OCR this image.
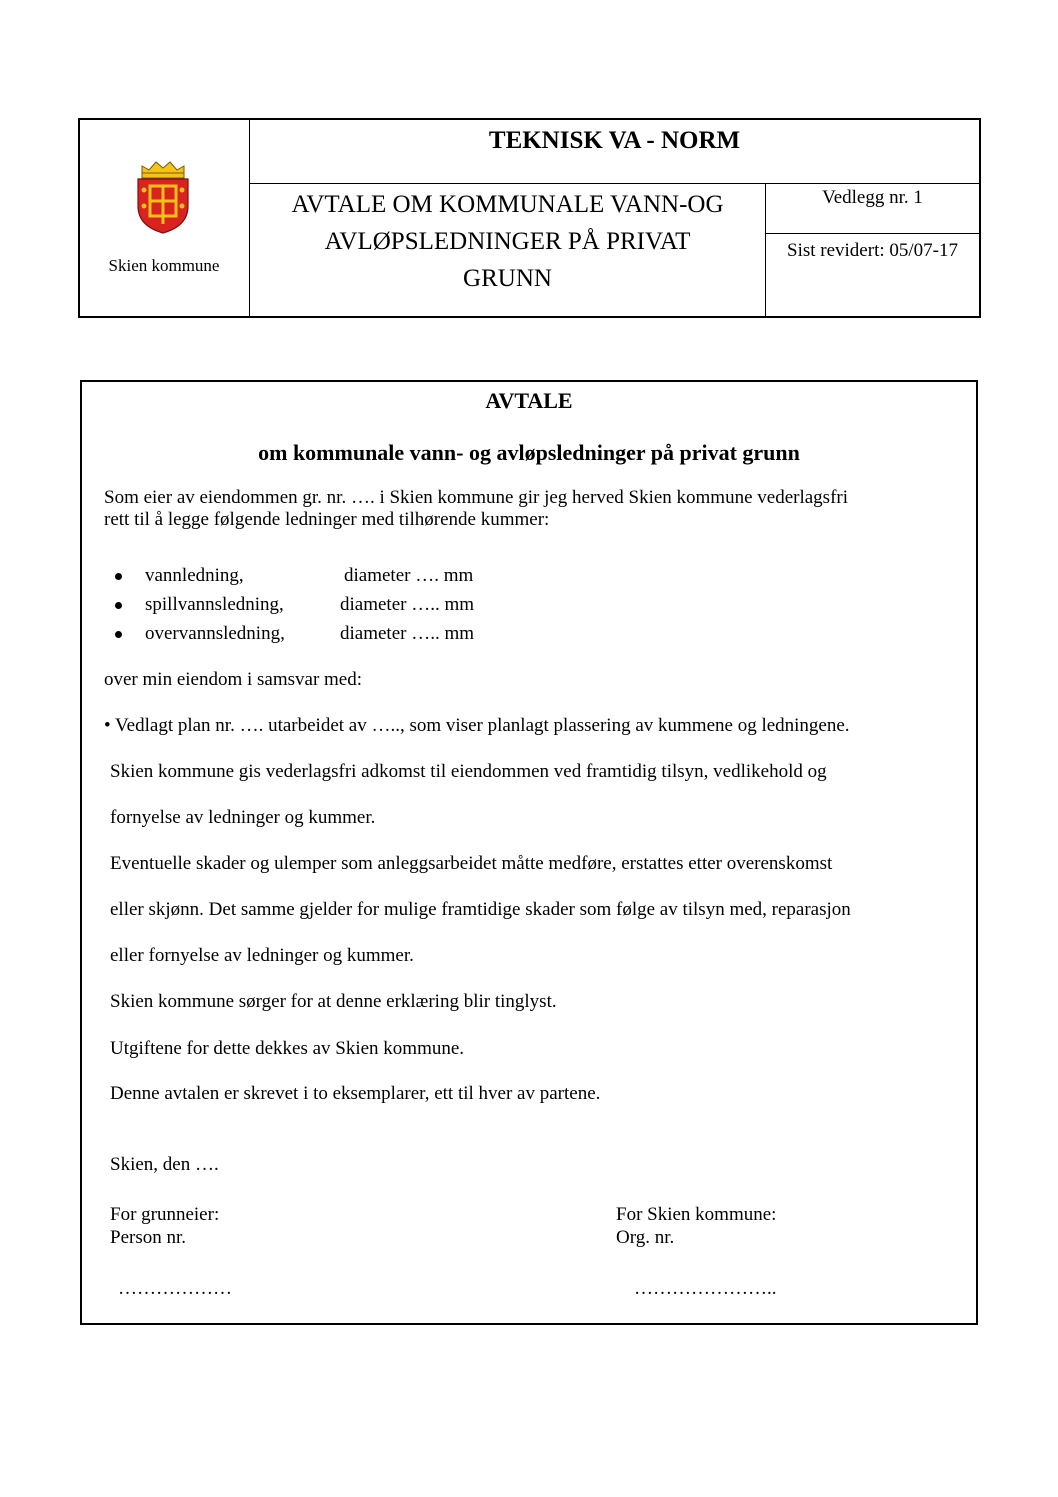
Skien kommune
TEKNISK VA - NORM
AVTALE OM KOMMUNALE VANN-OG
AVLØPSLEDNINGER PÅ PRIVAT
GRUNN
Vedlegg nr. 1
Sist revidert: 05/07-17
AVTALE
om kommunale vann- og avløpsledninger på privat grunn
Som eier av eiendommen gr. nr. …. i Skien kommune gir jeg herved Skien kommune vederlagsfri
rett til å legge følgende ledninger med tilhørende kummer:
vannledning,	diameter …. mm
spillvannsledning,	diameter ….. mm
overvannsledning,	diameter ….. mm
over min eiendom i samsvar med:
• Vedlagt plan nr. …. utarbeidet av ….., som viser planlagt plassering av kummene og ledningene.
Skien kommune gis vederlagsfri adkomst til eiendommen ved framtidig tilsyn, vedlikehold og
fornyelse av ledninger og kummer.
Eventuelle skader og ulemper som anleggsarbeidet måtte medføre, erstattes etter overenskomst
eller skjønn. Det samme gjelder for mulige framtidige skader som følge av tilsyn med, reparasjon
eller fornyelse av ledninger og kummer.
Skien kommune sørger for at denne erklæring blir tinglyst.
Utgiftene for dette dekkes av Skien kommune.
Denne avtalen er skrevet i to eksemplarer, ett til hver av partene.
Skien, den ….
For grunneier:
Person nr.
………………
For Skien kommune:
Org. nr.
…………………..
